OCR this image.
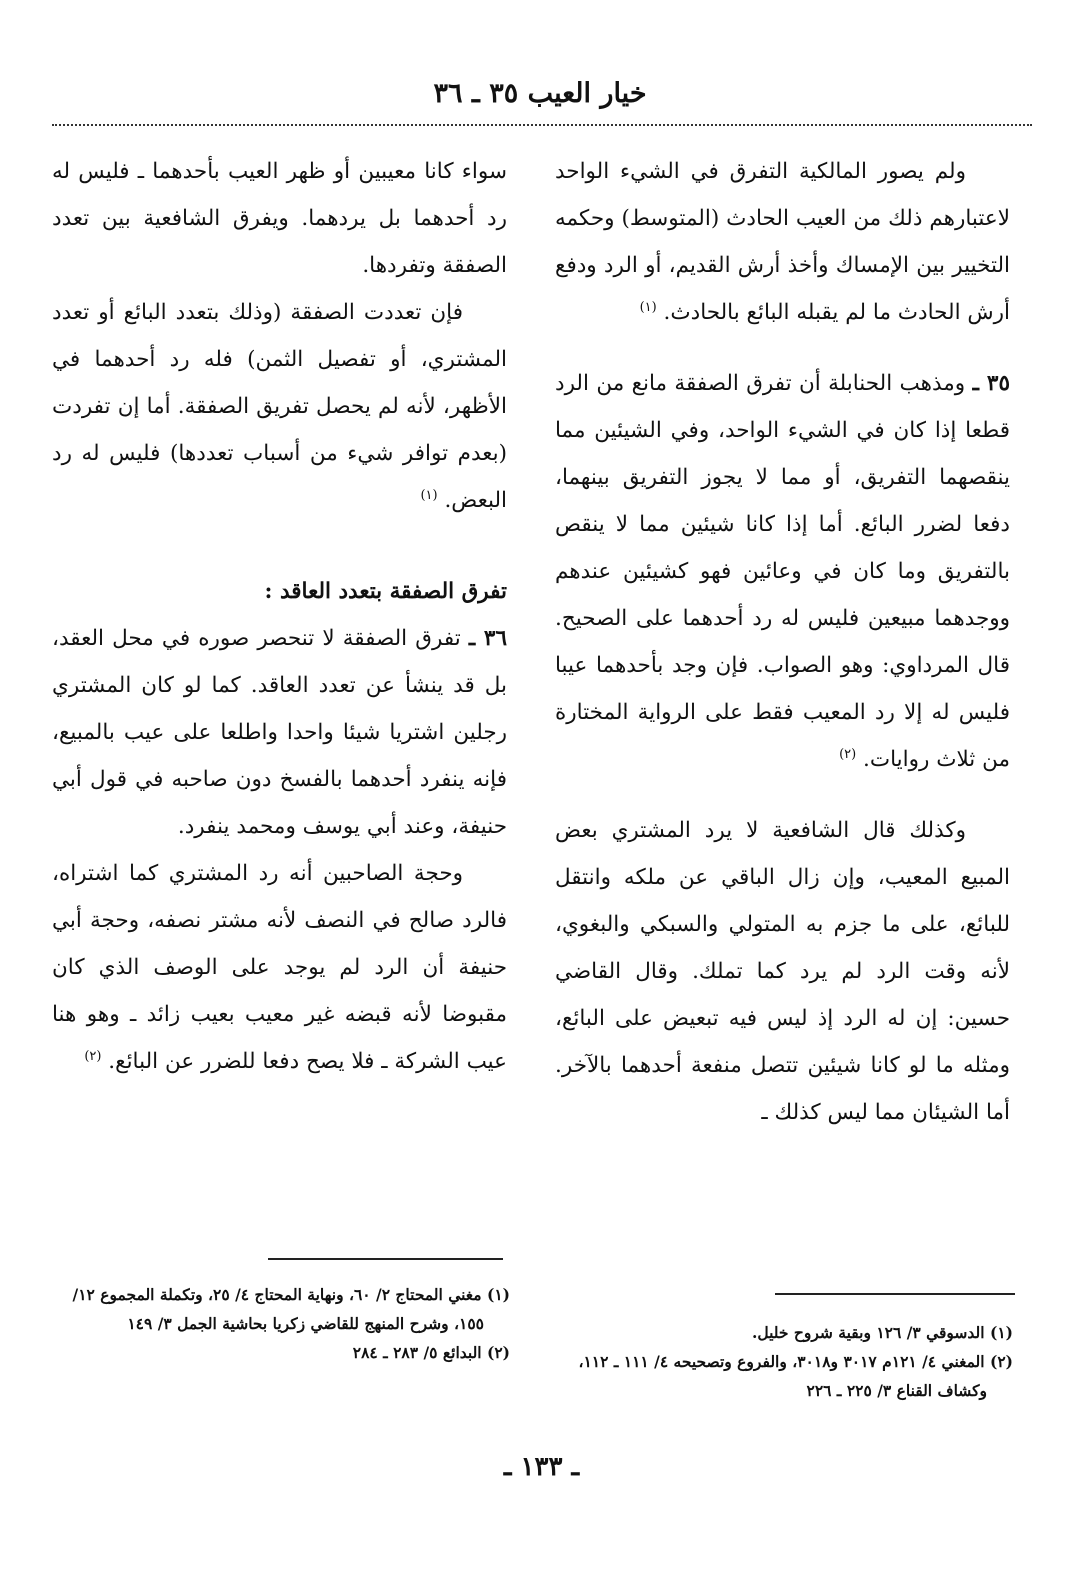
خيار العيب ٣٥ ـ ٣٦

ولم يصور المالكية التفرق في الشيء الواحد لاعتبارهم ذلك من العيب الحادث (المتوسط) وحكمه التخيير بين الإمساك وأخذ أرش القديم، أو الرد ودفع أرش الحادث ما لم يقبله البائع بالحادث. $^{(١)}$

٣٥ ـ ومذهب الحنابلة أن تفرق الصفقة مانع من الرد قطعا إذا كان في الشيء الواحد، وفي الشيئين مما ينقصهما التفريق، أو مما لا يجوز التفريق بينهما، دفعا لضرر البائع. أما إذا كانا شيئين مما لا ينقص بالتفريق وما كان في وعائين فهو كشيئين عندهم ووجدهما مبيعين فليس له رد أحدهما على الصحيح. قال المرداوي: وهو الصواب. فإن وجد بأحدهما عيبا فليس له إلا رد المعيب فقط على الرواية المختارة من ثلاث روايات. $^{(٢)}$

وكذلك قال الشافعية لا يرد المشتري بعض المبيع المعيب، وإن زال الباقي عن ملكه وانتقل للبائع، على ما جزم به المتولي والسبكي والبغوي، لأنه وقت الرد لم يرد كما تملك. وقال القاضي حسين: إن له الرد إذ ليس فيه تبعيض على البائع، ومثله ما لو كانا شيئين تتصل منفعة أحدهما بالآخر. أما الشيئان مما ليس كذلك ـ

سواء كانا معيبين أو ظهر العيب بأحدهما ـ فليس له رد أحدهما بل يردهما. ويفرق الشافعية بين تعدد الصفقة وتفردها.

فإن تعددت الصفقة (وذلك بتعدد البائع أو تعدد المشتري، أو تفصيل الثمن) فله رد أحدهما في الأظهر، لأنه لم يحصل تفريق الصفقة. أما إن تفردت (بعدم توافر شيء من أسباب تعددها) فليس له رد البعض. $^{(١)}$

تفرق الصفقة بتعدد العاقد :

٣٦ ـ تفرق الصفقة لا تنحصر صوره في محل العقد، بل قد ينشأ عن تعدد العاقد. كما لو كان المشتري رجلين اشتريا شيئا واحدا واطلعا على عيب بالمبيع، فإنه ينفرد أحدهما بالفسخ دون صاحبه في قول أبي حنيفة، وعند أبي يوسف ومحمد ينفرد.

وحجة الصاحبين أنه رد المشتري كما اشتراه، فالرد صالح في النصف لأنه مشتر نصفه، وحجة أبي حنيفة أن الرد لم يوجد على الوصف الذي كان مقبوضا لأنه قبضه غير معيب بعيب زائد ـ وهو هنا عيب الشركة ـ فلا يصح دفعا للضرر عن البائع. $^{(٢)}$

(١) الدسوقي ٣/ ١٢٦ وبقية شروح خليل.

(٢) المغني ٤/ ١٢١م ٣٠١٧ و٣٠١٨، والفروع وتصحيحه ٤/ ١١١ ـ ١١٢، وكشاف القناع ٣/ ٢٢٥ ـ ٢٢٦

(١) مغني المحتاج ٢/ ٦٠، ونهاية المحتاج ٤/ ٢٥، وتكملة المجموع ١٢/ ١٥٥، وشرح المنهج للقاضي زكريا بحاشية الجمل ٣/ ١٤٩

(٢) البدائع ٥/ ٢٨٣ ـ ٢٨٤

ـ ١٣٣ ـ
